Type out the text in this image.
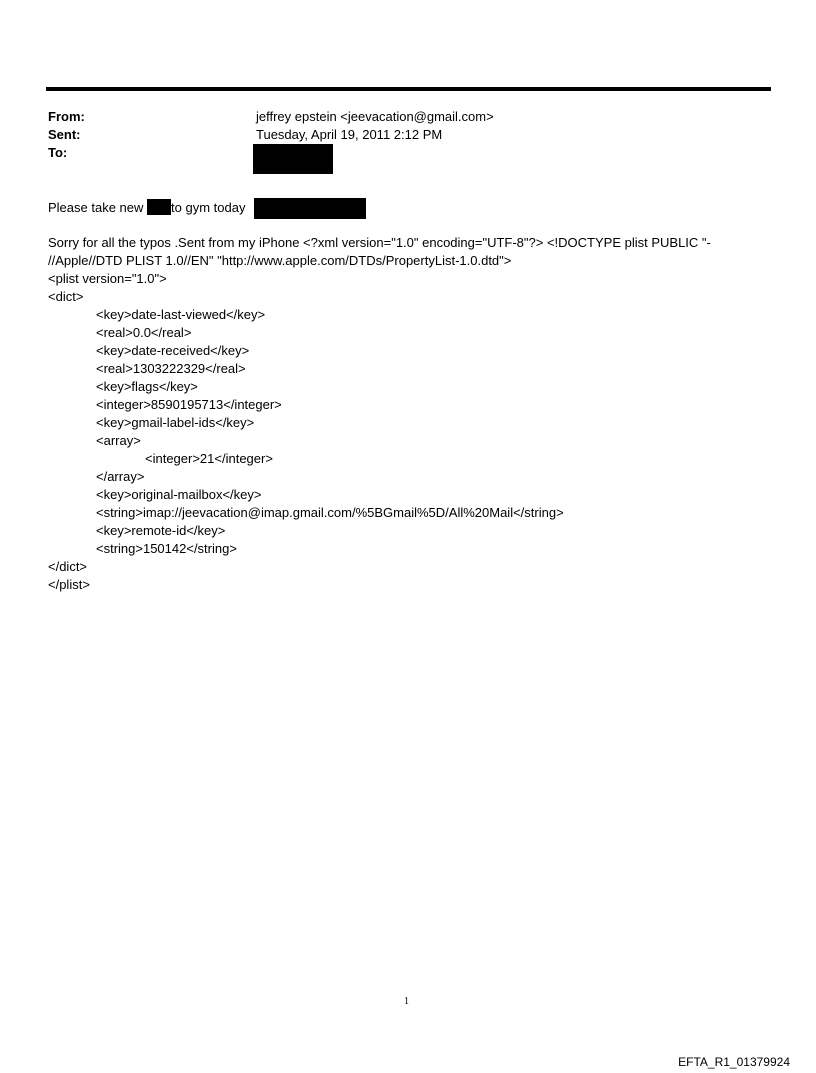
From:	jeffrey epstein <jeevacation@gmail.com>
Sent:	Tuesday, April 19, 2011 2:12 PM
To:
Please take new to gym today
Sorry for all the typos .Sent from my iPhone <?xml version="1.0" encoding="UTF-8"?> <!DOCTYPE plist PUBLIC "-
//Apple//DTD PLIST 1.0//EN" "http://www.apple.com/DTDs/PropertyList-1.0.dtd">
<plist version="1.0">
<dict>
<key>date-last-viewed</key>
<real>0.0</real>
<key>date-received</key>
<real>1303222329</real>
<key>flags</key>
<integer>8590195713</integer>
<key>gmail-label-ids</key>
<array>
<integer>21</integer>
</array>
<key>original-mailbox</key>
<string>imap://jeevacation@imap.gmail.com/%5BGmail%5D/All%20Mail</string>
<key>remote-id</key>
<string>150142</string>
</dict>
</plist>
1
EFTA_R1_01379924
